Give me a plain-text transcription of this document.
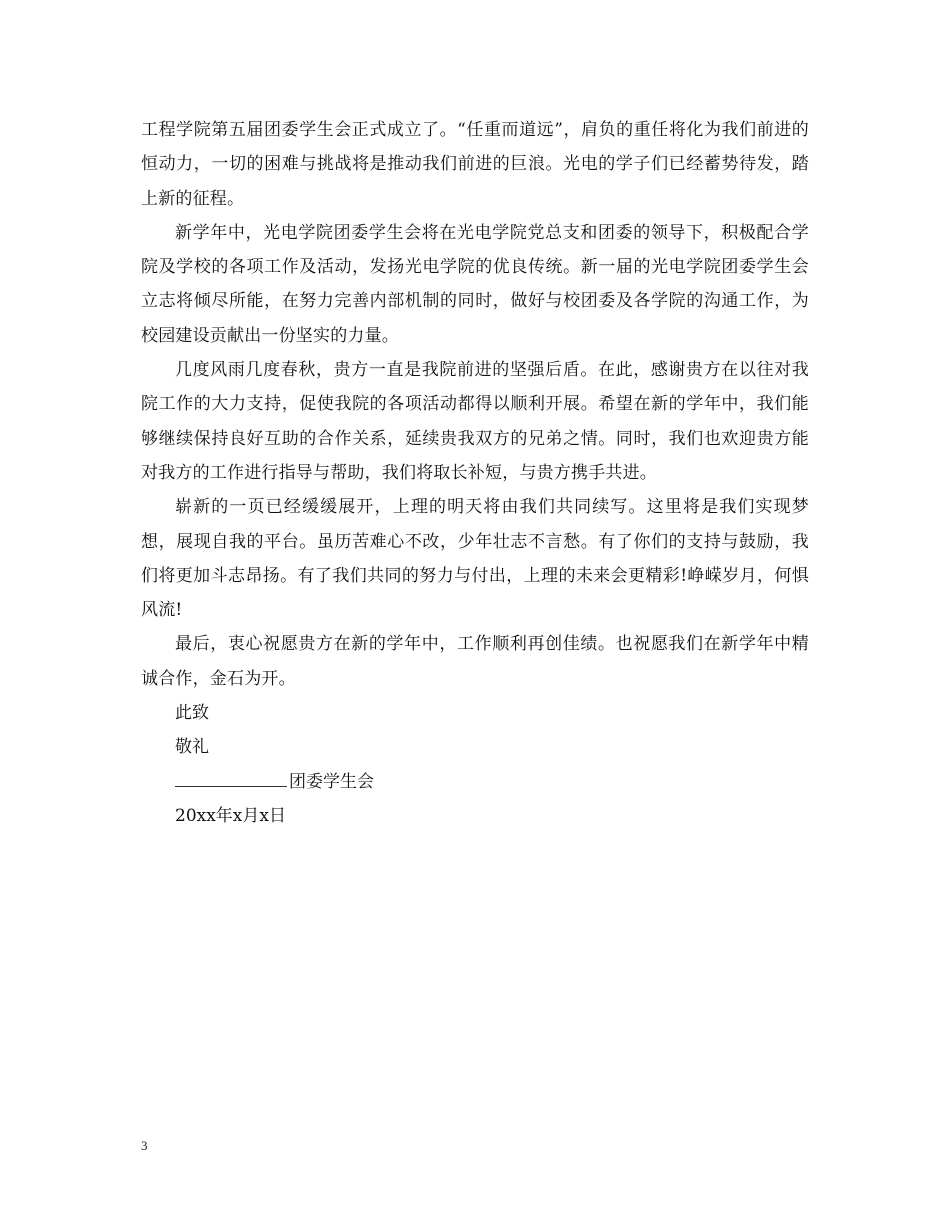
工程学院第五届团委学生会正式成立了。“任重而道远”，肩负的重任将化为我们前进的恒动力，一切的困难与挑战将是推动我们前进的巨浪。光电的学子们已经蓄势待发，踏上新的征程。

新学年中，光电学院团委学生会将在光电学院党总支和团委的领导下，积极配合学院及学校的各项工作及活动，发扬光电学院的优良传统。新一届的光电学院团委学生会立志将倾尽所能，在努力完善内部机制的同时，做好与校团委及各学院的沟通工作，为校园建设贡献出一份坚实的力量。

几度风雨几度春秋，贵方一直是我院前进的坚强后盾。在此，感谢贵方在以往对我院工作的大力支持，促使我院的各项活动都得以顺利开展。希望在新的学年中，我们能够继续保持良好互助的合作关系，延续贵我双方的兄弟之情。同时，我们也欢迎贵方能对我方的工作进行指导与帮助，我们将取长补短，与贵方携手共进。

崭新的一页已经缓缓展开，上理的明天将由我们共同续写。这里将是我们实现梦想，展现自我的平台。虽历苦难心不改，少年壮志不言愁。有了你们的支持与鼓励，我们将更加斗志昂扬。有了我们共同的努力与付出，上理的未来会更精彩!峥嵘岁月，何惧风流!

最后，衷心祝愿贵方在新的学年中，工作顺利再创佳绩。也祝愿我们在新学年中精诚合作，金石为开。

此致

敬礼

团委学生会

20xx年x月x日

3
